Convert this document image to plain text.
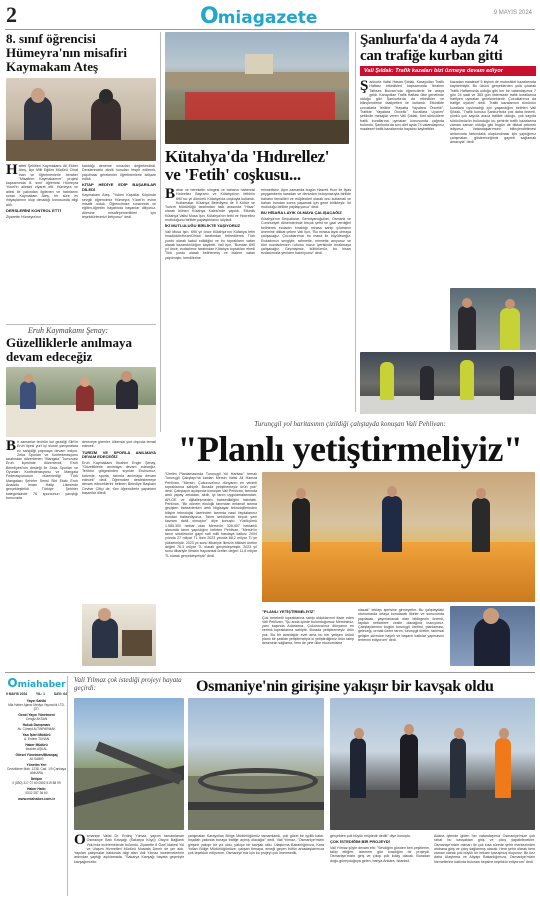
2	O miagazete	9 MAYIS 2024
8. sınıf öğrencisi
Hümeyra'nın misafiri
Kaymakam Ateş
Halfeti Şehitleri Kaymakamı Ali Ekber Ateş, İlçe Milli Eğitim Müdürü Cihat İnan ve öğretmenlerle beraber "Misafirim Kaymakamım" projesi kapsamında 8. sınıf öğrencisi Hümeyra Yücel'in ailesini ziyaret etti. Hümeyra ve ailesi ile yakından ilgilenen ve hatırlarını soran Kaymakam Ateş, bir süre ev ihtiyaçlarının olup olmadığı konusunda bilgi aldı.
DERSLERİNİ KONTROL ETTİ
Ziyarette Hümeyra'nın
katıldığı deneme sınavları değerlendirdi. Derslerindeki eksik konuları tespit edilerek, yapılması gerekenler öğretmenlerle istişare edildi.
KİTAP HEDİYE EDİP BAŞARILAR DİLEDİ
Kaymakam Ateş, "Yuken Kaşıklar Köyünde sevgili öğrencimiz Hümeyra Yücel'in evine misafir olduk. Öğrencimize sınavında ve eğitim-öğretim hayatında başarılar diliyoruz. Ailesine misafirperverlikleri için teşekkürlerimizi iletiyoruz" dedi.
Eruh Kaymakamı Şenay:
Güzelliklerle anılmaya
devam edeceğiz
Bir zamanlar terörün kol gezdiği Siirt'in Eruh ilçesi yurt içi ulusal yarışmalara ev sahipliği yapmaya devam ediyor. Zeka Sporları ve Konfederasyonu tarafından düzenlenen "Mangala" Turnuvası Eruh ilçesinde düzenlendi. Eruh Belediyesi'nin desteği ile Zeka Sporları ve Oyunları Konfederasyonu ve Mangala Federasyonunun düzenlediği 'Türk Mangalası Şehirler Serisi Siirt Etabı Eruh Anadolu İmam Hatip Lisesinde gerçekleştirildi. Türkiye Şehirler kategorisinde 76 sporcunun yarıştığı turnuvada
dereceye girenler, ülkemizi yurt dışında temsil edecek.
TURİZM VE SPORLA ANILMAYA DEVAM EDECEĞİZ
Eruh Kaymakamı İbrahim Engin Şenay, "Güzelliklerle anılmaya devam edeceğiz. Terörün gölgesinden sıyrılan Eruhumuz; turizmle, sporla, tarımla anılmaya devam edecek" dedi. Öğrencileri desteklemeye devam edeceklerini belirten Belediye Başkanı Cevher Çiftçi de, tüm öğrencilerle yaparken başarılar diledi.
Kütahya'da 'Hıdırellez'
ve 'Fetih' coşkusu...
Bahar ve bereketin simgesi ve baharın habercisi Hıdırellez Bayramı ve Kütahya'nın fethinin 690'ncı yıl dönümü Kütahya'da coşkuyla kutlandı. Kutlamalar, Kütahya Belediyesi ile İl Kültür ve Turizm Müdürlüğü tarafından halk arasında "Hisar" olarak bilinen Kütahya Kalesi'nde yapıldı. Etkinlik Kütahya Valisi Musa Işın, Kütahya'nın fethi ve Hıdırellez mutluluğunu birlikte paylaştıklarını söyledi.
İKİ MUTLULUĞU BİRLİKTE YAŞIYORUZ
Vali Musa Işın, 690 yıl önce Kütahya'nın Kütahya fethi İmadüddinHezerDinari tarafından fethedilerek Türk yurdu olarak kabul edildiğini ve bu toprakların vatan olarak kazandırıldığını kaydetti. Vali Işın, "Bundan 690 yıl önce, ecdadımız tarafından Kütahya toprakları ebedi Türk yurdu olarak belirlenmiş ve bizlere vatan yapılmıştır, kendilerine
minnettarız. Aynı zamanda bugün Hazreti Hızır ile İlyas peygamberin karadan ve denizden buluşmasıyla birlikte baharın temsilleri ve müjdecileri olarak onu kutlamak ve baharı bundan sonra yaşamak için gene birlikteyiz. İki mutluluğu birlikte paylaşıyoruz" dedi.
BU HİSARA LAYIK OLMAYA ÇALIŞACAĞIZ
Kütahya'nın Selçuklular, Germiyanoğulları, Osmanlı ve Cumhuriyet dönemlerinde birçok şehit ve gazi verdiğini belirterek ecdadın bıraktığı mirasa sahip çıkmanın önemine dikkat çeken Vali Işın, "Bu mirasa layık olmaya çalışacağız. Çocuklarımızı bu mana ile büyüteceğiz. Ecdadımızı sevgiyle, rahmetle, minnetle anıyoruz ve tüm eczdadımızın ruhunu huzur içerisinde bırakmaya çalışacağız. Geçmişimiz, kültürümüz, bu hisarı ezdadımızla yeniden hatırlıyoruz" dedi.
Şanlıurfa'da 4 ayda 74
can trafiğe kurban gitti
Vali Şıldak: Trafik kazaları bizi üzmeye devam ediyor
Şanlıurfa Valisi Hasan Şıldak, Karayolları Trafik Haftası etkinlikleri kapsamında İbrahim Tatlıses Bulvarı'nda öğrencilerle bir araya geldi. Karayolları Trafik Haftası ülke genelinde olduğu gibi Şanlıurfa'da da etkinlikler ve bilinçlendirme faaliyetleri ile kutlandı. Etkinlikte çocuklarla birlikte "Hayatta Yayalara Öncelik", Trafikte Yayalara Öncelik", Kurallara Uyalım" şeklinde mesajlar veren Vali Şıldak, tüm sürücülere trafik kurallarına uymaları konusunda çağrıda bulundu. Şanlıurfa'da son dört ayda 74 vatandaşımız maalesef trafik kazalarında hayatını kaybettiler.
kazadan maalesef 5 kişinin de motosiklet kazalarında kaybetmiştir. Bu üzücü gerçeklerden yola çıkarak Trafik Haftamızda olduğu gibi her bir vatandaşımız 7 gün 24 saat ve 365 gün listemizde trafik kurallarına harfiyen uymaları gerekmektedir. Çocuklarımız da trafiğe uyalım" dedi. Trafik kazalarının tümünün kurallara uyulmadığı için yaşandığını belirten Vali Şıldak, "Trafik konusu Şanlıurfa'da çok daha önemli, çünkü çok sayıda araca trafikte olduğu, çok sayıda sürücümüzün bulunduğu bu şehirde trafik kazalarına zaman zaman olduğu gibi bugün de dikkat çekmek istiyoruz. Vatandaşlarımızın bilinçlendirilmesi anlamında farkındalık oluşturulması için yaptığımız çalışmaları, göstereceğimiz gayreti sağlamak amacıyla" dedi.
Turunçgil yol haritasının çizildiği çalıştayda konuşan Vali Pehlivan:
"Planlı yetiştirmeliyiz"
"Ürelim Planlamasında Turunçgil Yol Haritası" temalı Turunçgil Çalıştayı'na katılan Mersin Valisi Ali Hamza Pehlivan, "Mersin, Çukurova'mız dünyanın en verimli topraklarına sahiptir. Burada yetiştiremeyiz ürün yok" dedi. Çalıştayın açılışında konuşan Vali Pehlivan, tarımda artık yapay zekadan, akıllı, iyi tarım uygulamalarından, AR-GE ve dijitalleşmeden bahsedildiğini hatırlattı. Pehlivan, "Bir dönem ekolojik tarımdan entansif tarıma geçişten bahsederken artık bilgisayar teknolojilerinden bilişim teknolojisi üzerinden tarımda nasıl faydalanırız bundan bahsediyoruz. Tarım sektöründe birçok yeni kavram dahil olmuştur" diye konuştu. Yüzölçümü 1.585.300 hektar olan Mersin'in 328.407 hektarlık alanında tarım yapıldığını belirten Pehlivan, "Mersin'in tarım sektörünün gayri safi milli hasılaya katkısı 2004 yılında 27 milyar TL iken 2023 yılında 68,2 milyar TL'ye yükselmiştir. 2023 yıl sonu itibariyle ilimizin bitkisel üretim değeri 76,3 milyar TL olarak gerçekleşmiştir. 2023 yıl sonu itibariyle ilimizin hayvansal üretim değeri 11,8 milyar TL olarak gerçekleşmiştir" dedi.
"PLANLI YETİŞTİRMELİYİZ"
Çok bereketli topraklarına sahip olduklarının ifade eden Vali Pehlivan, "Şu anda içinde bulunduğumuz Mersinimiz, yanı başında Adanamız, Çukurova'mız dünyanın en verimli topraklarına sahiptir. Burada yetiştiremeyiz ürün yok. Bu bir avantajdır evet ama bu her yetişen ürünü planlı bir şekilde yetiştirmeliyiz ki yetiştirdiğimiz ürün talep deseninin sağlama, hem de yine ülke ekonomisine
olacak" teklayı işerisine girmeyelim. Bu çalıştaydaki oturumlarda ortaya konulacak fikirler ve sonucunda yapılacak, yayınlanacak olan bildirgenin önemli, faydalı neticelere vesile olacağına inanıyoruz. Çalıştaylarımın bugün turunçgil üretimi, planlaması, geleceği, ormak üzere tarım, turunçgil üretim, tarımsal gelişim sürecine hayırlı ve başarılı katkılar yapmasını temenni ediyorum" dedi.
O miahaber
9 MAYIS 2024	YIL: 1	SAYI: 64
Yayın Sahibi
Mia Haber Ajansı Medya Yayıncılık LTD. ŞTİ.
Genel Yayın Yönetmeni
Cengiz AKSAN
Hukuk Danışmanı
Av. Cüneyt ALTINPARMAK
Yazı İşleri Müdürü
A. Erdem TUNAN
Haber Müdürü
İbrahim AŞKAL
Görsel Yönetmen/Mizanpaj
Ali SABIR
Yönetim Yeri
Cevizlidere Mah. 1238. Cad. 1/9 Çankaya ANKARA
İletişim
0 (850) 317 07 60 0552 519 88 99
Haber Hattı:
0532 287 36 60
www.miahaber.com.tr
Vali Yılmaz çok istediği projeyi hayata geçirdi:	Osmaniye'nin girişine yakışır bir kavşak oldu
Osmaniye Valisi Dr. Erdinç Yılmaz, yapımı tamamlanan Osmaniye Batı Kavşağı (Sakarya Köyü) Otoyol Bağlantı Yolu'nda incelemelerde bulundu. Ziyarette 8 Özel İdaresi Yol ve Ulaşım Hizmetleri Müdürü Mustafa Demir de yer aldı. Yapılan çalışmalar hakkında bilgi alan Vali Yılmaz incelemelerinin ardından yaptığı açıklamada, "Sakarya Kavşağı hayata geçmiştir kavşağımızdır.
çalışmaları Karayolları Bölge Müdürlüğümüz tamamlandı, çok güzel bir işçilik kaldı. İnşallah yakında buraya trafiğe açmış olacağız" dedi. Vali Yılmaz, "Osmaniye'mizin girişine yakışır bir yol oldu, yakışır bir kavşak oldu. Ulaştırma Bakanlığımıza, Kara Yolları Bölge Müdürlüğümüze, çalışan firmaya, emeği geçen bütün arkadaşlarımıza çok teşekkür ediyorum. Osmaniye'miz için bu projeyi çok önemsedik,
gerçekten çok büyük müjdedir dedik" diye konuştu.
ÇOK İSTEDİĞİM BİR PROJEYDİ
Vali Yılmaz şöyle devam etti: "Sevdiğim günden beri çeşitlerim, takip ettiğim, izlemem gün kıradığim bir projeydi. Osmaniye'mizin giriş ve çıkışı çok kolay olacak. Buradan doğu-güneydoğuya gelen, batıya Ankara, İstanbul,
Adana iştende giden her vatandaşımız Osmaniye'mize çok rahat bu kavşaktan giriş ve çıkış yapabilecekler. Osmaniye'mizin mimarı ile çok kısa sürede şehir merkezinden otobana giriş ve çıkış sağlanmış olacak. Hem şehir olarak hem zaman olarak çok büyük bir imkanı kavuşmuş oluyoruz. Bir kez daha Ulaştırma ve Altyapı Bakanlığımıza, Osmaniye'mizin hizmetlerine katkıda bulunan hepsine teşekkür ediyorum" dedi.
